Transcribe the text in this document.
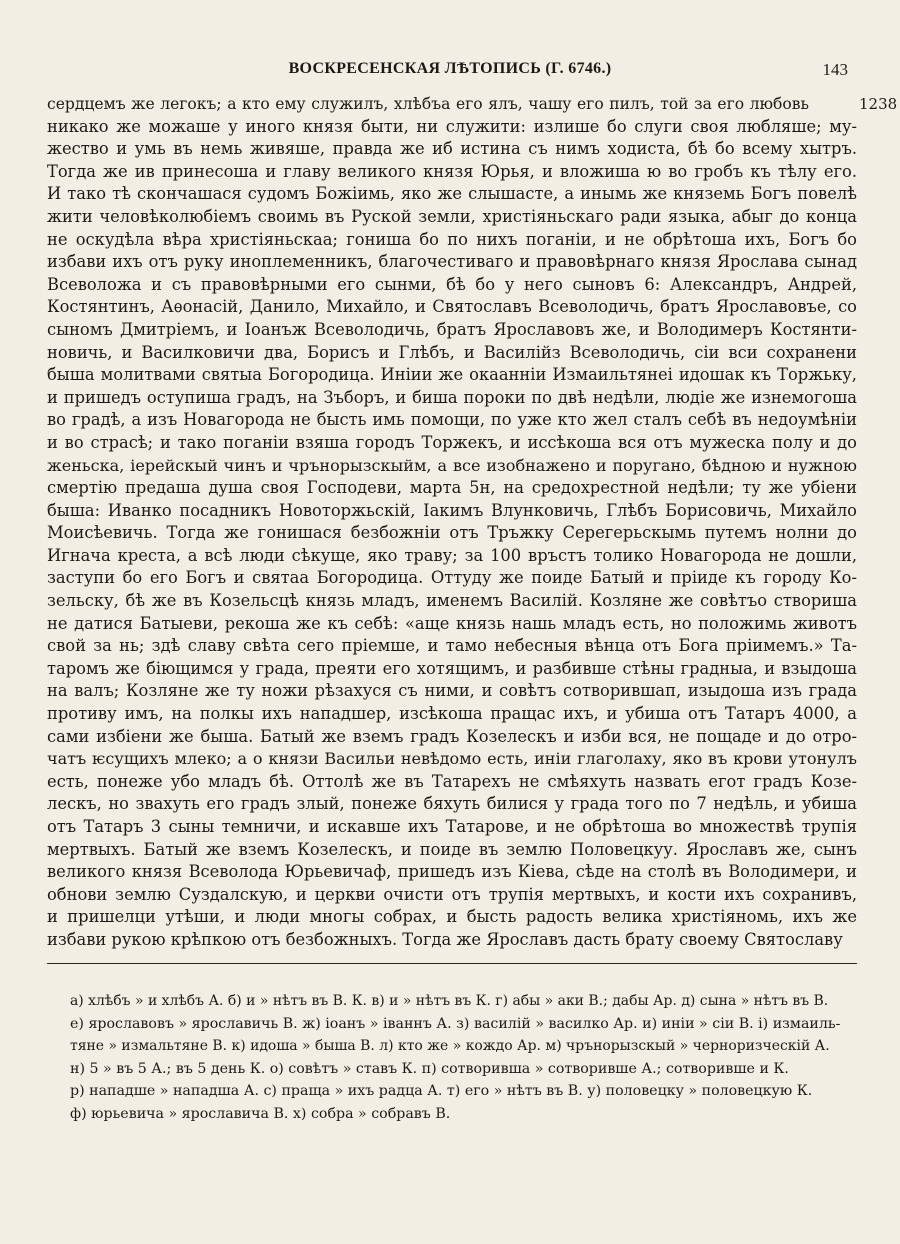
ВОСКРЕСЕНСКАЯ ЛѢТОПИСЬ (Г. 6746.)	143
1238
сердцемъ же легокъ; а кто ему служилъ, хлѣбъа его ялъ, чашу его пилъ, той за его любовь
никако же можаше у иного князя быти, ни служити: излише бо слуги своя любляше; му-
жество и умь въ немь живяше, правда же иб истина съ нимъ ходиста, бѣ бо всему хытръ.
Тогда же ив принесоша и главу великого князя Юрья, и вложиша ю во гробъ къ тѣлу его.
И тако тѣ скончашася судомъ Божіимь, яко же слышасте, а инымь же княземь Богъ повелѣ
жити человѣколюбіемъ своимь въ Руской земли, христіяньскаго ради языка, абыг до конца
не оскудѣла вѣра христіяньскаа; гониша бо по нихъ поганіи, и не обрѣтоша ихъ, Богъ бо
избави ихъ отъ руку иноплеменникъ, благочестиваго и правовѣрнаго князя Ярослава сынад
Всеволожа и съ правовѣрными его сынми, бѣ бо у него сыновъ 6: Александръ, Андрей,
Костянтинъ, Аѳонасій, Данило, Михайло, и Святославъ Всеволодичь, братъ Ярославовъе, со
сыномъ Дмитріемъ, и Іоанъж Всеволодичь, братъ Ярославовъ же, и Володимеръ Костянти-
новичь, и Василковичи два, Борисъ и Глѣбъ, и Василійз Всеволодичь, сіи вси сохранени
быша молитвами святыа Богородица. Иніии же окаанніи Измаильтянеі идошак къ Торжьку,
и пришедъ оступиша градъ, на Зъборъ, и биша пороки по двѣ недѣли, людіе же изнемогоша
во градѣ, а изъ Новагорода не бысть имь помощи, по уже кто жел сталъ себѣ въ недоумѣніи
и во страсѣ; и тако поганіи взяша городъ Торжекъ, и иссѣкоша вся отъ мужеска полу и до
женьска, іерейскый чинъ и чрънорызскыйм, а все изобнажено и поругано, бѣдною и нужною
смертію предаша душа своя Господеви, марта 5н, на средохрестной недѣли; ту же убіени
быша: Иванко посадникъ Новоторжьскій, Іакимъ Влунковичь, Глѣбъ Борисовичь, Михайло
Моисѣевичь. Тогда же гонишася безбожніи отъ Тръжку Серегерьскымь путемъ нолни до
Игнача креста, а вcѣ люди сѣкуще, яко траву; за 100 връстъ толико Новагорода не дошли,
заступи бо его Богъ и святаа Богородица. Оттуду же поиде Батый и пріиде къ городу Ко-
зельску, бѣ же въ Козельсцѣ князь младъ, именемъ Василій. Козляне же совѣтъо створиша
не датися Батыеви, рекоша же къ себѣ: «аще князь нашь младъ есть, но положимь животъ
свой за нь; здѣ славу свѣта сего пріемше, и тамо небесныя вѣнца отъ Бога пріимемъ.» Та-
таромъ же біющимся у града, преяти его хотящимъ, и разбивше стѣны градныа, и взыдоша
на валъ; Козляне же ту ножи рѣзахуся съ ними, и совѣтъ сотворившап, изыдоша изъ града
противу имъ, на полкы ихъ нападшер, изсѣкоша пращас ихъ, и убиша отъ Татаръ 4000, а
сами избіени же быша. Батый же вземъ градъ Козелескъ и изби вся, не пощаде и до отро-
чатъ ѥсущихъ млеко; а о князи Васильи невѣдомо есть, иніи глаголаху, яко въ крови утонулъ
есть, понеже убо младъ бѣ. Оттолѣ же въ Татарехъ не смѣяхуть назвать егот градъ Козе-
лескъ, но звахуть его градъ злый, понеже бяхуть билися у града того по 7 недѣль, и убиша
отъ Татаръ 3 сыны темничи, и искавше ихъ Татарове, и не обрѣтоша во множествѣ трупія
мертвыхъ. Батый же вземъ Козелескъ, и поиде въ землю Половецкуу. Ярославъ же, сынъ
великого князя Всеволода Юрьевичаф, пришедъ изъ Кіева, сѣде на столѣ въ Володимери, и
обнови землю Суздалскую, и церкви очисти отъ трупія мертвыхъ, и кости ихъ сохранивъ,
и пришелци утѣши, и люди многы собрах, и бысть радость велика христіяномь, ихъ же
избави рукою крѣпкою отъ безбожныхъ. Тогда же Ярославъ дасть брату своему Святославу
а) хлѣбъ » и хлѣбъ А. б) и » нѣтъ въ В. К. в) и » нѣтъ въ К. г) абы » аки В.; дабы Ар. д) сына » нѣтъ въ В.
е) ярославовъ » ярославичь В. ж) іоанъ » іваннъ А. з) василій » василко Ар. и) иніи » сіи В. і) измаиль-
тяне » измальтяне В. к) идоша » быша В. л) кто же » кождо Ар. м) чрънорызскый » черноризческій А.
н) 5 » въ 5 А.; въ 5 день К. о) совѣтъ » ставъ К. п) сотворивша » сотворивше А.; сотворивше и К.
р) нападше » нападша А. с) праща » ихъ радца А. т) его » нѣтъ въ В. у) половецку » половецкую К.
ф) юрьевича » ярославича В. х) собра » собравъ В.
